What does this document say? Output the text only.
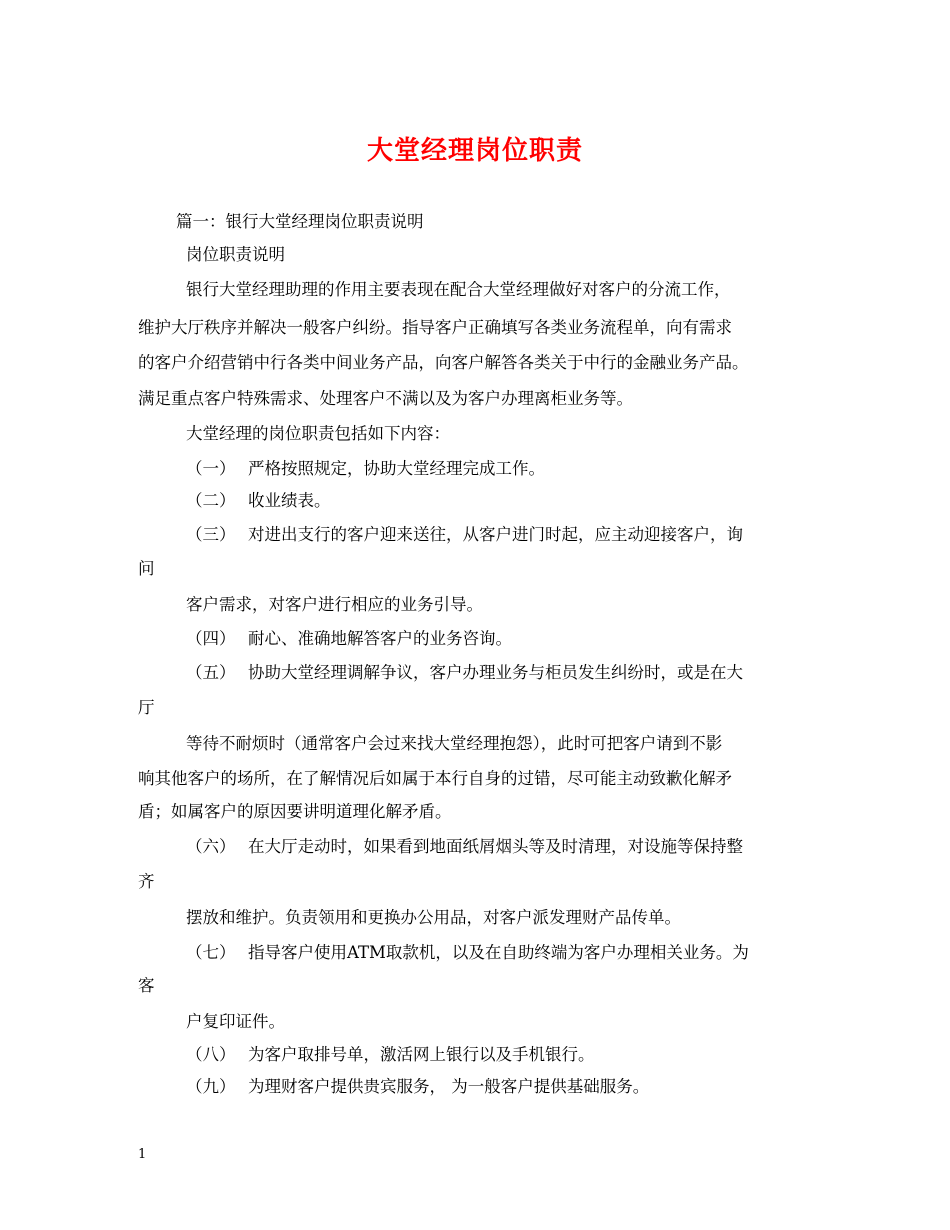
大堂经理岗位职责
篇一：银行大堂经理岗位职责说明
岗位职责说明
银行大堂经理助理的作用主要表现在配合大堂经理做好对客户的分流工作，
维护大厅秩序并解决一般客户纠纷。指导客户正确填写各类业务流程单，向有需求
的客户介绍营销中行各类中间业务产品，向客户解答各类关于中行的金融业务产品。
满足重点客户特殊需求、处理客户不满以及为客户办理离柜业务等。
大堂经理的岗位职责包括如下内容：
（一） 严格按照规定，协助大堂经理完成工作。
（二） 收业绩表。
（三） 对进出支行的客户迎来送往，从客户进门时起，应主动迎接客户，询
问
客户需求，对客户进行相应的业务引导。
（四） 耐心、准确地解答客户的业务咨询。
（五） 协助大堂经理调解争议，客户办理业务与柜员发生纠纷时，或是在大
厅
等待不耐烦时（通常客户会过来找大堂经理抱怨），此时可把客户请到不影
响其他客户的场所，在了解情况后如属于本行自身的过错，尽可能主动致歉化解矛
盾；如属客户的原因要讲明道理化解矛盾。
（六） 在大厅走动时，如果看到地面纸屑烟头等及时清理，对设施等保持整
齐
摆放和维护。负责领用和更换办公用品，对客户派发理财产品传单。
（七） 指导客户使用ATM取款机，以及在自助终端为客户办理相关业务。为
客
户复印证件。
（八） 为客户取排号单，激活网上银行以及手机银行。
（九） 为理财客户提供贵宾服务， 为一般客户提供基础服务。
1
